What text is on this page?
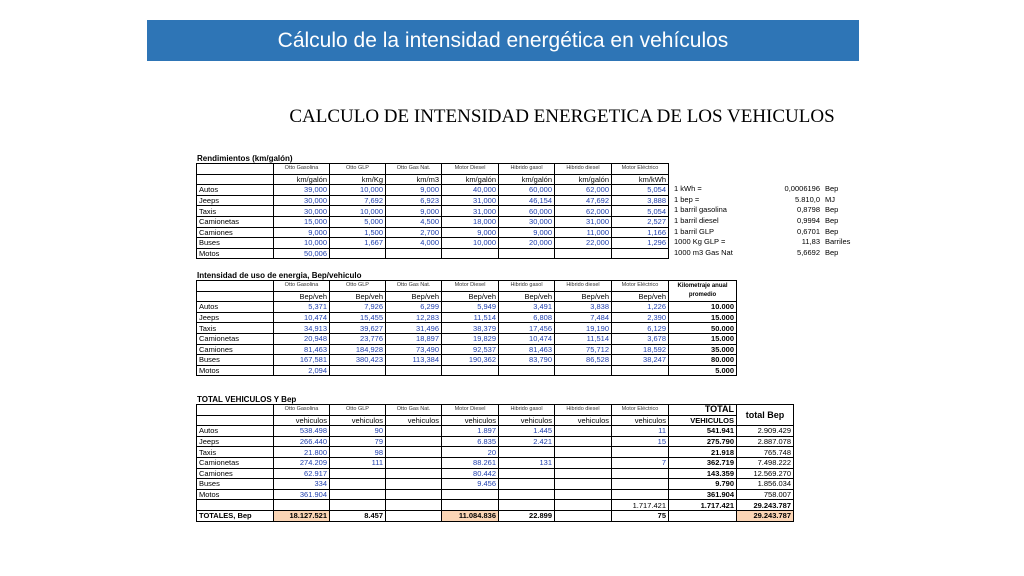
Cálculo de la intensidad energética en vehículos
CALCULO DE INTENSIDAD ENERGETICA DE LOS VEHICULOS
Rendimientos (km/galón)
	Otto Gasolina	Otto GLP	Otto Gas Nat.	Motor Diesel	Hibrido gasol	Hibrido diesel	Motor Eléctrico
	km/galón	km/Kg	km/m3	km/galón	km/galón	km/galón	km/kWh
Autos	39,000	10,000	9,000	40,000	60,000	62,000	5,054
Jeeps	30,000	7,692	6,923	31,000	46,154	47,692	3,888
Taxis	30,000	10,000	9,000	31,000	60,000	62,000	5,054
Camionetas	15,000	5,000	4,500	18,000	30,000	31,000	2,527
Camiones	9,000	1,500	2,700	9,000	9,000	11,000	1,166
Buses	10,000	1,667	4,000	10,000	20,000	22,000	1,296
Motos	50,006						
1 kWh =	0,0006196	Bep
1 bep =	5.810,0	MJ
1 barril gasolina	0,8798	Bep
1 barril diesel	0,9994	Bep
1 barril GLP	0,6701	Bep
1000 Kg GLP =	11,83	Barriles
1000 m3 Gas Nat	5,6692	Bep
Intensidad de uso de energia, Bep/vehiculo
	Otto Gasolina	Otto GLP	Otto Gas Nat.	Motor Diesel	Hibrido gasol	Hibrido diesel	Motor Eléctrico	Kilometraje anual promedio
	Bep/veh	Bep/veh	Bep/veh	Bep/veh	Bep/veh	Bep/veh	Bep/veh	
Autos	5,371	7,926	6,299	5,949	3,491	3,838	1,226	10.000
Jeeps	10,474	15,455	12,283	11,514	6,808	7,484	2,390	15.000
Taxis	34,913	39,627	31,496	38,379	17,456	19,190	6,129	50.000
Camionetas	20,948	23,776	18,897	19,829	10,474	11,514	3,678	15.000
Camiones	81,463	184,928	73,490	92,537	81,463	75,712	18,592	35.000
Buses	167,581	380,423	113,384	190,362	83,790	86,528	38,247	80.000
Motos	2,094							5.000
TOTAL VEHICULOS Y Bep
	Otto Gasolina	Otto GLP	Otto Gas Nat.	Motor Diesel	Hibrido gasol	Hibrido diesel	Motor Eléctrico	TOTAL	total Bep
	vehiculos	vehiculos	vehiculos	vehiculos	vehiculos	vehiculos	vehiculos	VEHICULOS	
Autos	538.498	90		1.897	1.445		11	541.941	2.909.429
Jeeps	266.440	79		6.835	2.421		15	275.790	2.887.078
Taxis	21.800	98		20				21.918	765.748
Camionetas	274.209	111		88.261	131		7	362.719	7.498.222
Camiones	62.917			80.442				143.359	12.569.270
Buses	334			9.456				9.790	1.856.034
Motos	361.904							361.904	758.007
							1.717.421	1.717.421	29.243.787
TOTALES, Bep	18.127.521	8.457		11.084.836	22.899		75		29.243.787
